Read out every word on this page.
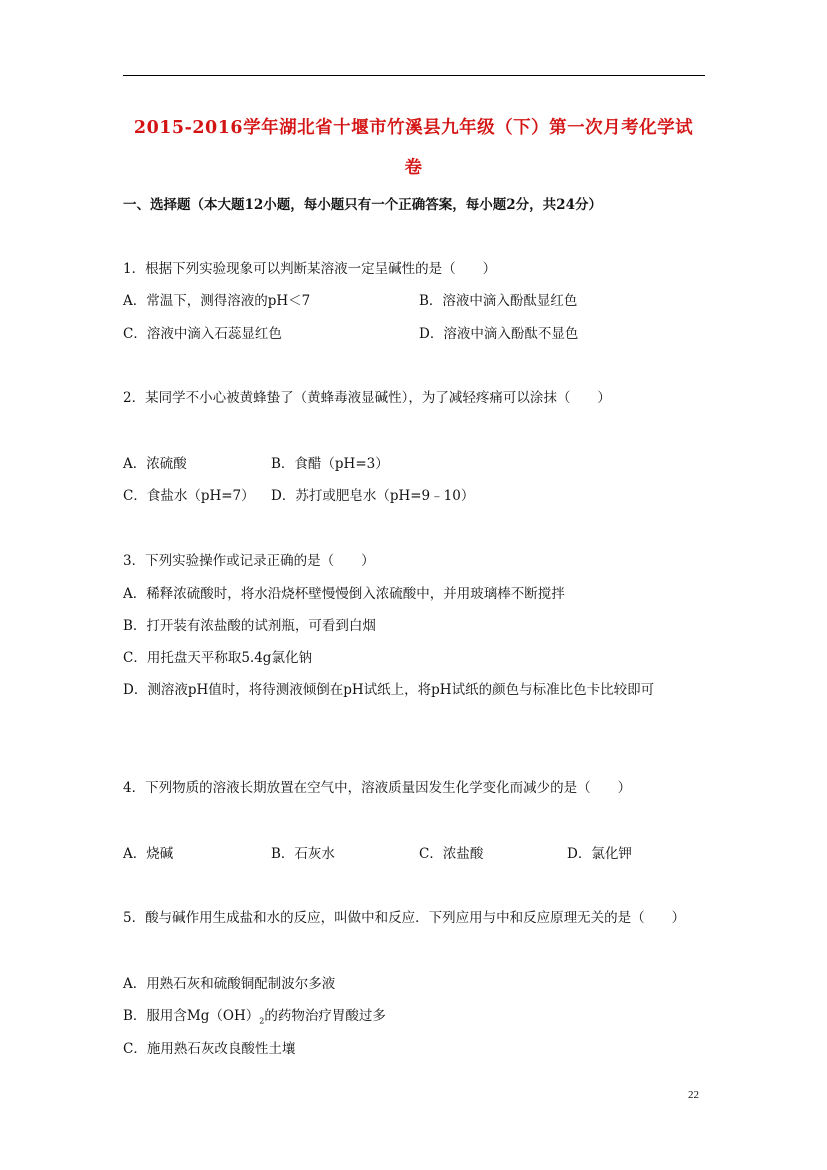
2015-2016学年湖北省十堰市竹溪县九年级（下）第一次月考化学试
卷
一、选择题（本大题12小题，每小题只有一个正确答案，每小题2分，共24分）
1．根据下列实验现象可以判断某溶液一定呈碱性的是（　　）
A．常温下，测得溶液的pH＜7	B．溶液中滴入酚酞显红色
C．溶液中滴入石蕊显红色	D．溶液中滴入酚酞不显色
2．某同学不小心被黄蜂蛰了（黄蜂毒液显碱性），为了减轻疼痛可以涂抹（　　）
A．浓硫酸	B．食醋（pH=3）
C．食盐水（pH=7） D．苏打或肥皂水（pH=9﹣10）
3．下列实验操作或记录正确的是（　　）
A．稀释浓硫酸时，将水沿烧杯壁慢慢倒入浓硫酸中，并用玻璃棒不断搅拌
B．打开装有浓盐酸的试剂瓶，可看到白烟
C．用托盘天平称取5.4g氯化钠
D．测溶液pH值时，将待测液倾倒在pH试纸上，将pH试纸的颜色与标准比色卡比较即可
4．下列物质的溶液长期放置在空气中，溶液质量因发生化学变化而减少的是（　　）
A．烧碱	B．石灰水	C．浓盐酸	D．氯化钾
5．酸与碱作用生成盐和水的反应，叫做中和反应．下列应用与中和反应原理无关的是（　　）
A．用熟石灰和硫酸铜配制波尔多液
B．服用含$Mg(OH)_2$的药物治疗胃酸过多
C．施用熟石灰改良酸性土壤
22
